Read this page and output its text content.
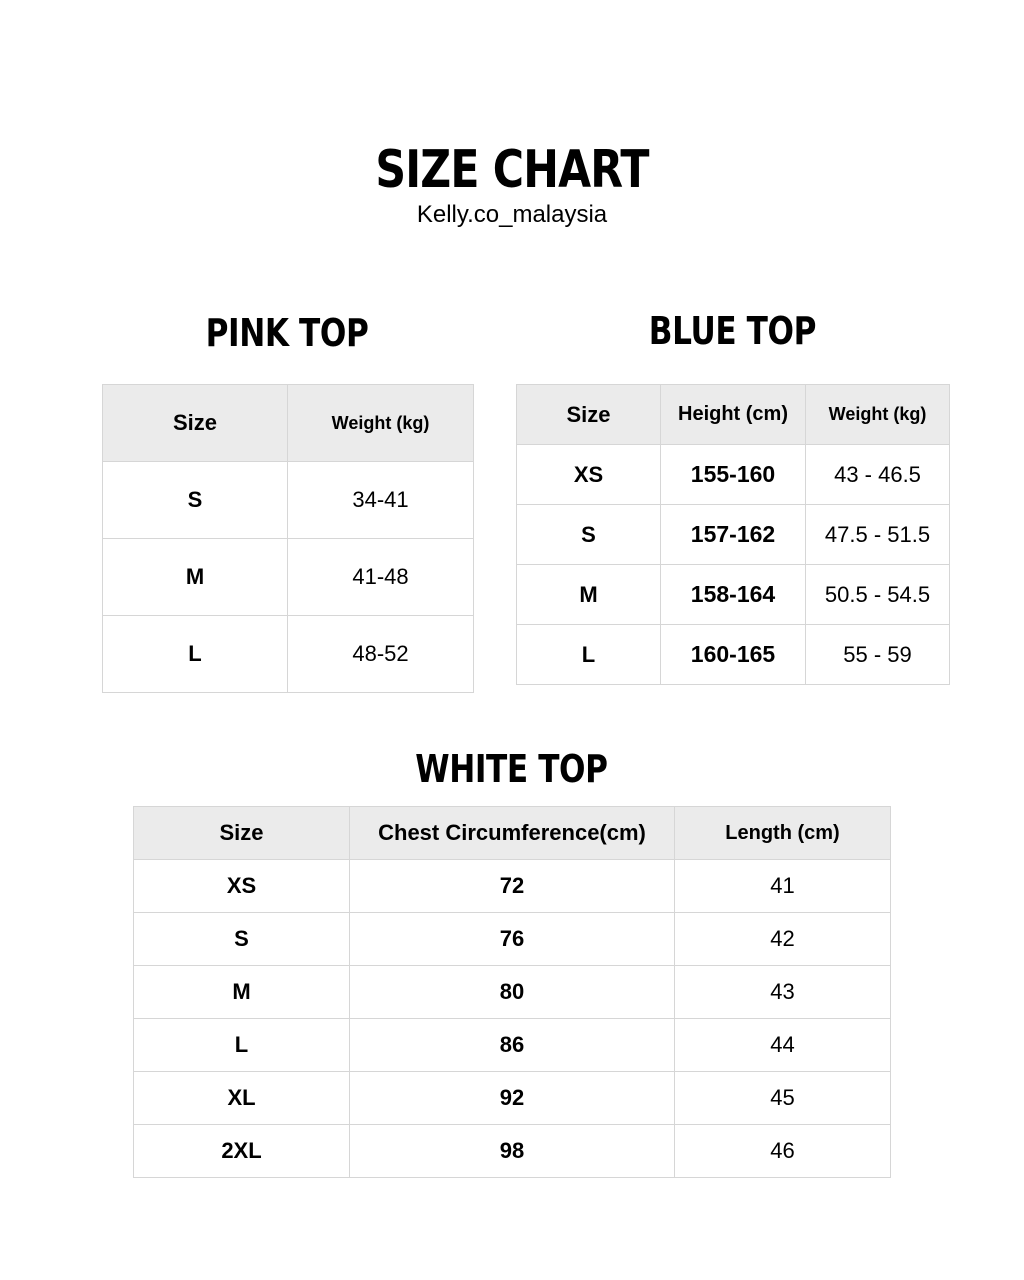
SIZE CHART
Kelly.co_malaysia
PINK TOP
Size	Weight (kg)
S	34-41
M	41-48
L	48-52
BLUE TOP
Size	Height (cm)	Weight (kg)
XS	155-160	43 - 46.5
S	157-162	47.5 - 51.5
M	158-164	50.5 - 54.5
L	160-165	55 - 59
WHITE TOP
Size	Chest Circumference(cm)	Length (cm)
XS	72	41
S	76	42
M	80	43
L	86	44
XL	92	45
2XL	98	46
